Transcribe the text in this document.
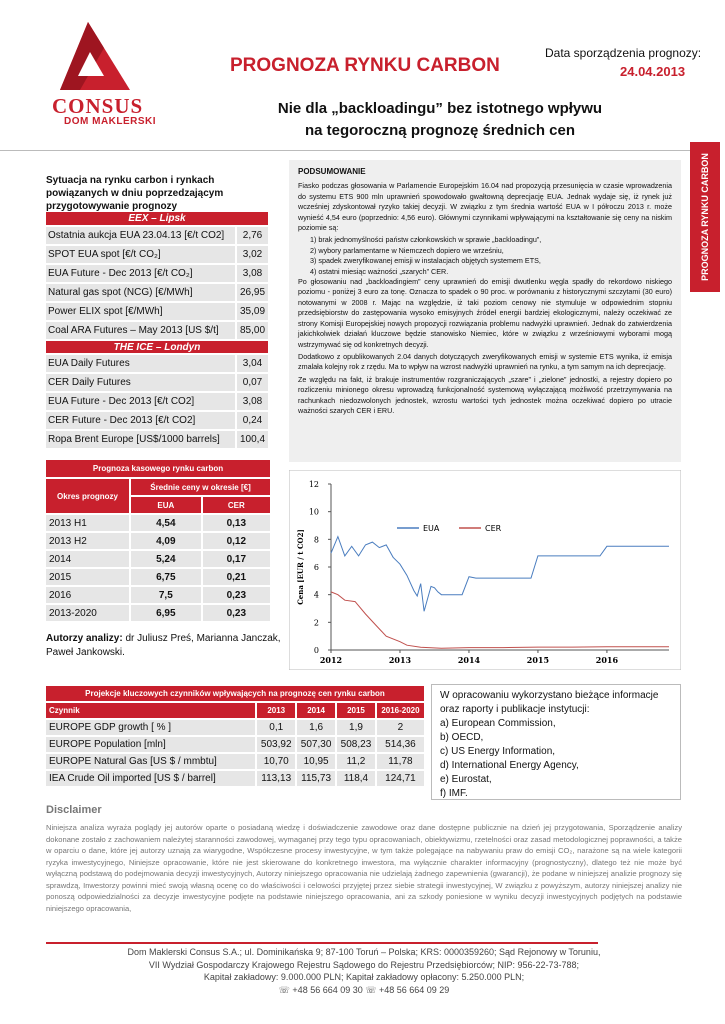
CONSUS
DOM MAKLERSKI
PROGNOZA RYNKU CARBON
Data sporządzenia prognozy:
24.04.2013
Nie dla „backloadingu” bez istotnego wpływu
na tegoroczną prognozę średnich cen
PROGNOZA RYNKU CARBON
Sytuacja na rynku carbon i rynkach powiązanych w dniu poprzedzającym przygotowywanie prognozy
EEX – Lipsk	
Ostatnia aukcja EUA 23.04.13 [€/t CO2]	2,76
SPOT EUA spot [€/t CO₂]	3,02
EUA Future - Dec 2013 [€/t CO₂]	3,08
Natural gas spot (NCG) [€/MWh]	26,95
Power ELIX spot [€/MWh]	35,09
Coal ARA Futures – May 2013 [US $/t]	85,00
THE ICE – Londyn	
EUA Daily Futures	3,04
CER Daily Futures	0,07
EUA Future - Dec 2013 [€/t CO2]	3,08
CER Future - Dec 2013 [€/t CO2]	0,24
Ropa Brent Europe [US$/1000 barrels]	100,4
PODSUMOWANIE

Fiasko podczas głosowania w Parlamencie Europejskim 16.04 nad propozycją przesunięcia w czasie wprowadzenia do systemu ETS 900 mln uprawnień spowodowało gwałtowną deprecjację EUA. Jednak wydaje się, iż rynek już wcześniej zdyskontował ryzyko takiej decyzji. W związku z tym średnia wartość EUA w I półroczu 2013 r. może wynieść 4,54 euro (poprzednio: 4,56 euro). Głównymi czynnikami wpływającymi na kształtowanie się ceny na niskim poziomie są:

1) brak jednomyślności państw członkowskich w sprawie „backloadingu”,
2) wybory parlamentarne w Niemczech dopiero we wrześniu,
3) spadek zweryfikowanej emisji w instalacjach objętych systemem ETS,
4) ostatni miesiąc ważności „szarych” CER.

Po głosowaniu nad „backloadingiem” ceny uprawnień do emisji dwutlenku węgla spadły do rekordowo niskiego poziomu - poniżej 3 euro za tonę. Oznacza to spadek o 90 proc. w porównaniu z historycznymi szczytami (30 euro) notowanymi w 2008 r. Mając na względzie, iż taki poziom cenowy nie stymuluje w odpowiednim stopniu przedsiębiorstw do zastępowania wysoko emisyjnych źródeł energii bardziej ekologicznymi, należy oczekiwać ze strony Komisji Europejskiej nowych propozycji rozwiązania problemu nadwyżki uprawnień. Jednak do zatwierdzenia jakichkolwiek działań kluczowe będzie stanowisko Niemiec, które w związku z wrześniowymi wyborami mogą wstrzymywać się od konkretnych decyzji.

Dodatkowo z opublikowanych 2.04 danych dotyczących zweryfikowanych emisji w systemie ETS wynika, iż emisja zmalała kolejny rok z rzędu. Ma to wpływ na wzrost nadwyżki uprawnień na rynku, a tym samym na ich deprecjację.

Ze względu na fakt, iż brakuje instrumentów rozgraniczających „szare” i „zielone” jednostki, a rejestry dopiero po rozliczeniu minionego okresu wprowadzą funkcjonalność systemową wyłączającą możliwość przetrzymywania na rachunkach niedozwolonych jednostek, wzrostu wartości tych jednostek można oczekiwać dopiero po utracie ważności szarych CER i ERU.

Prognoza kasowego rynku carbon		
Okres prognozy	Średnie ceny w okresie [€]	
	EUA	CER
2013 H1	4,54	0,13
2013 H2	4,09	0,12
2014	5,24	0,17
2015	6,75	0,21
2016	7,5	0,23
2013-2020	6,95	0,23
Autorzy analizy: dr Juliusz Preś, Marianna Janczak, Paweł Jankowski.	0
2
4
6
8
10
12
2012	2013	2014	2015	2016
Cena [EUR / t CO2]
EUA	CER
Projekcje kluczowych czynników wpływających na prognozę cen rynku carbon				
Czynnik	2013	2014	2015	2016-2020
EUROPE GDP growth [ % ]	0,1	1,6	1,9	2
EUROPE Population [mln]	503,92	507,30	508,23	514,36
EUROPE Natural Gas [US $ / mmbtu]	10,70	10,95	11,2	11,78
IEA Crude Oil imported [US $ / barrel]	113,13	115,73	118,4	124,71
W opracowaniu wykorzystano bieżące informacje oraz raporty i publikacje instytucji:
a) European Commission,
b) OECD,
c) US Energy Information,
d) International Energy Agency,
e) Eurostat,
f) IMF.
Disclaimer
Niniejsza analiza wyraża poglądy jej autorów oparte o posiadaną wiedzę i doświadczenie zawodowe oraz dane dostępne publicznie na dzień jej przygotowania, Sporządzenie analizy dokonane zostało z zachowaniem należytej staranności zawodowej, wymaganej przy tego typu opracowaniach, obiektywizmu, rzetelności oraz zasad metodologicznej poprawności, a także w oparciu o dane, które jej autorzy uznają za wiarygodne, Współczesne procesy inwestycyjne, w tym także polegające na nabywaniu praw do emisji CO₂, narażone są na wiele kategorii ryzyka inwestycyjnego, Niniejsze opracowanie, które nie jest skierowane do konkretnego inwestora, ma wyłącznie charakter informacyjny (prognostyczny), dlatego też nie może być wyłączną podstawą do podejmowania decyzji inwestycyjnych, Autorzy niniejszego opracowania nie udzielają żadnego zapewnienia (gwarancji), że podane w niniejszej analizie prognozy się sprawdzą, Inwestorzy powinni mieć swoją własną ocenę co do właściwości i celowości przyjętej przez siebie strategii inwestycyjnej, W związku z powyższym, autorzy niniejszej analizy nie ponoszą odpowiedzialności za decyzje inwestycyjne podjęte na podstawie niniejszego opracowania, ani za szkody poniesione w wyniku decyzji inwestycyjnych podjętych na podstawie niniejszego opracowania,
Dom Maklerski Consus S.A.; ul. Dominikańska 9; 87-100 Toruń – Polska; KRS: 0000359260; Sąd Rejonowy w Toruniu,
VII Wydział Gospodarczy Krajowego Rejestru Sądowego do Rejestru Przedsiębiorców; NIP: 956-22-73-788;
Kapitał zakładowy: 9.000.000 PLN; Kapitał zakładowy opłacony: 5.250.000 PLN;
☏ +48 56 664 09 30 ☏ +48 56 664 09 29
